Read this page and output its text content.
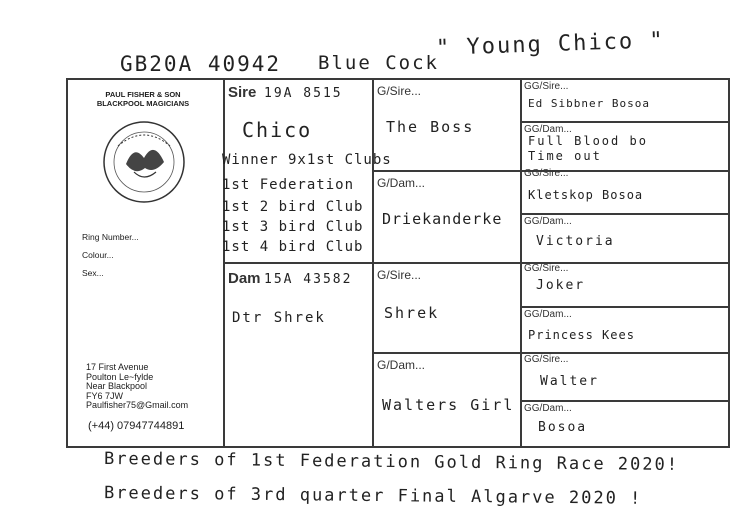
GB20A 40942 Blue Cock
" Young Chico "
PAUL FISHER & SON
BLACKPOOL MAGICIANS
Ring Number...
Colour...
Sex...
17 First Avenue
Poulton Le~fylde
Near Blackpool
FY6 7JW
Paulfisher75@Gmail.com
(+44) 07947744891
Sire 19A 8515
Chico
Winner 9x1st Clubs
1st Federation
1st 2 bird Club
1st 3 bird Club
1st 4 bird Club
Dam 15A 43582
Dtr Shrek
G/Sire...
The Boss
G/Dam...
Driekanderke
G/Sire...
Shrek
G/Dam...
Walters Girl
GG/Sire...
Ed Sibbner Bosoa
GG/Dam...
Full Blood bo
Time out
GG/Sire...
Kletskop Bosoa
GG/Dam...
Victoria
GG/Sire...
Joker
GG/Dam...
Princess Kees
GG/Sire...
Walter
GG/Dam...
Bosoa
Breeders of 1st Federation Gold Ring Race 2020!
Breeders of 3rd quarter Final Algarve 2020 !
